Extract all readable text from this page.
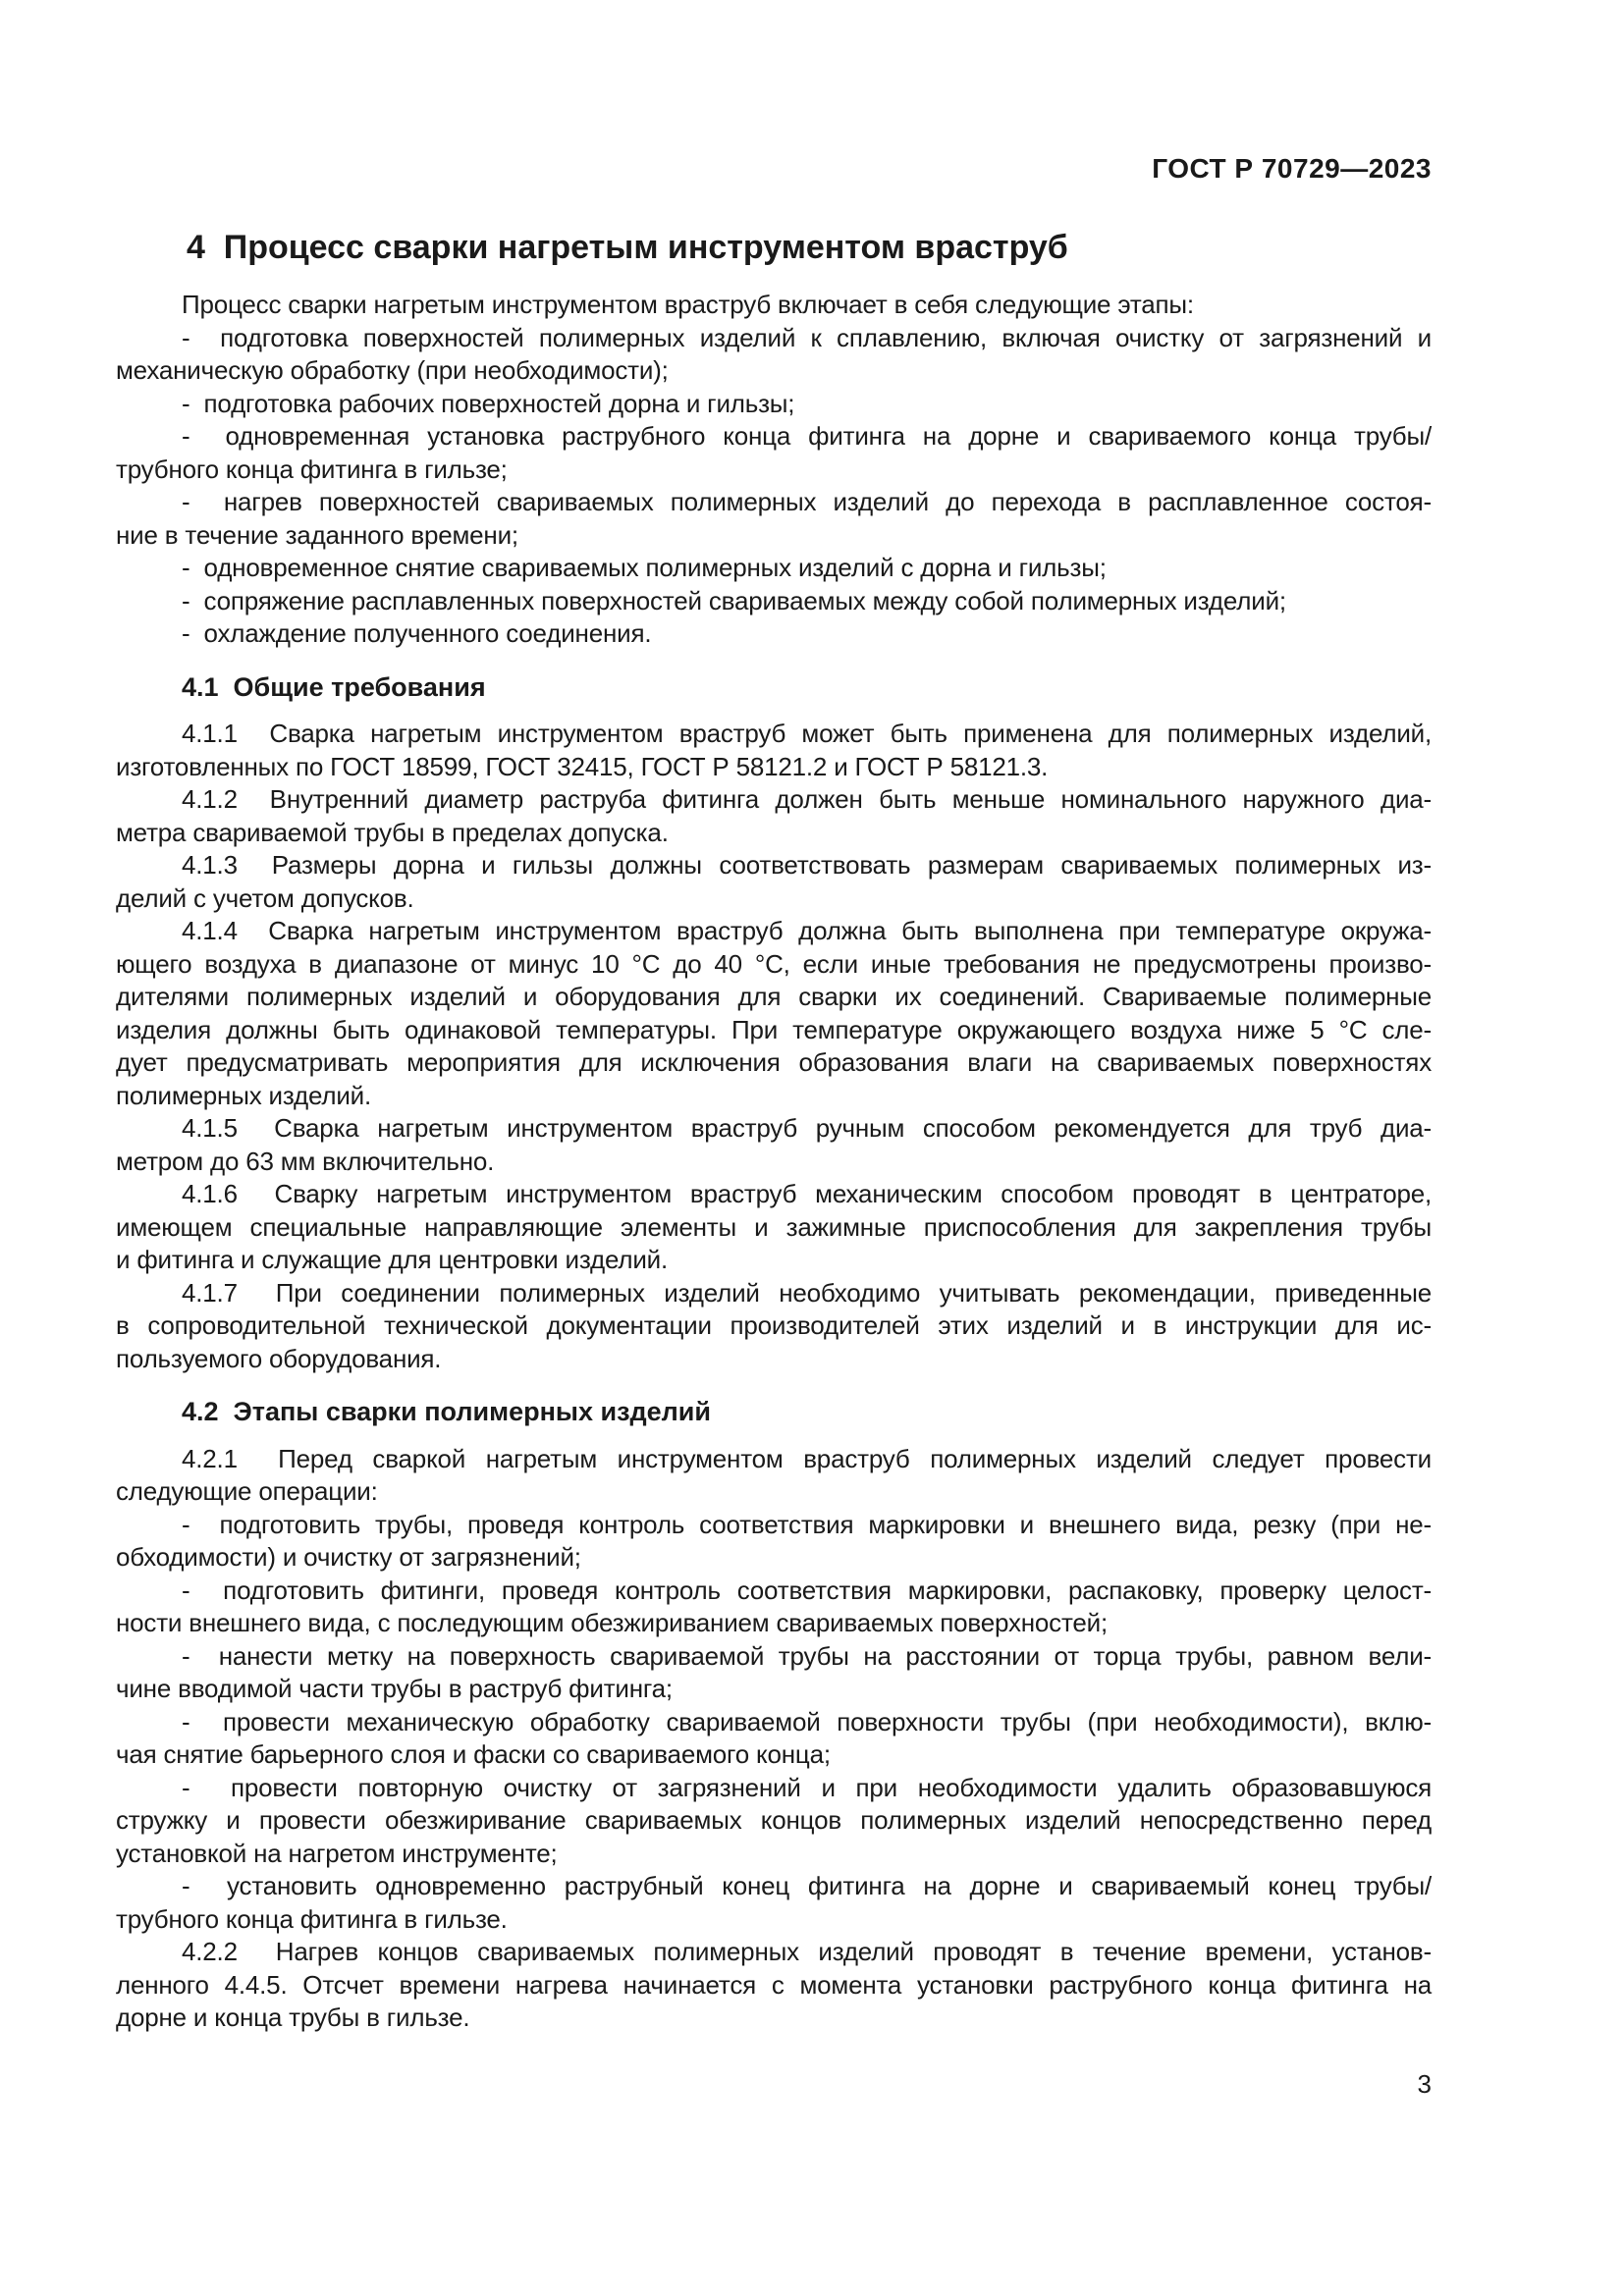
ГОСТ Р 70729—2023
4  Процесс сварки нагретым инструментом враструб
Процесс сварки нагретым инструментом враструб включает в себя следующие этапы:
-  подготовка поверхностей полимерных изделий к сплавлению, включая очистку от загрязнений и
механическую обработку (при необходимости);
-  подготовка рабочих поверхностей дорна и гильзы;
-  одновременная установка раструбного конца фитинга на дорне и свариваемого конца трубы/
трубного конца фитинга в гильзе;
-  нагрев поверхностей свариваемых полимерных изделий до перехода в расплавленное состоя-
ние в течение заданного времени;
-  одновременное снятие свариваемых полимерных изделий с дорна и гильзы;
-  сопряжение расплавленных поверхностей свариваемых между собой полимерных изделий;
-  охлаждение полученного соединения.
4.1  Общие требования
4.1.1  Сварка нагретым инструментом враструб может быть применена для полимерных изделий,
изготовленных по ГОСТ 18599, ГОСТ 32415, ГОСТ Р 58121.2 и ГОСТ Р 58121.3.
4.1.2  Внутренний диаметр раструба фитинга должен быть меньше номинального наружного диа-
метра свариваемой трубы в пределах допуска.
4.1.3  Размеры дорна и гильзы должны соответствовать размерам свариваемых полимерных из-
делий с учетом допусков.
4.1.4  Сварка нагретым инструментом враструб должна быть выполнена при температуре окружа-
ющего воздуха в диапазоне от минус 10 °С до 40 °С, если иные требования не предусмотрены произво-
дителями полимерных изделий и оборудования для сварки их соединений. Свариваемые полимерные
изделия должны быть одинаковой температуры. При температуре окружающего воздуха ниже 5 °С сле-
дует предусматривать мероприятия для исключения образования влаги на свариваемых поверхностях
полимерных изделий.
4.1.5  Сварка нагретым инструментом враструб ручным способом рекомендуется для труб диа-
метром до 63 мм включительно.
4.1.6  Сварку нагретым инструментом враструб механическим способом проводят в центраторе,
имеющем специальные направляющие элементы и зажимные приспособления для закрепления трубы
и фитинга и служащие для центровки изделий.
4.1.7  При соединении полимерных изделий необходимо учитывать рекомендации, приведенные
в сопроводительной технической документации производителей этих изделий и в инструкции для ис-
пользуемого оборудования.
4.2  Этапы сварки полимерных изделий
4.2.1  Перед сваркой нагретым инструментом враструб полимерных изделий следует провести
следующие операции:
-  подготовить трубы, проведя контроль соответствия маркировки и внешнего вида, резку (при не-
обходимости) и очистку от загрязнений;
-  подготовить фитинги, проведя контроль соответствия маркировки, распаковку, проверку целост-
ности внешнего вида, с последующим обезжириванием свариваемых поверхностей;
-  нанести метку на поверхность свариваемой трубы на расстоянии от торца трубы, равном вели-
чине вводимой части трубы в раструб фитинга;
-  провести механическую обработку свариваемой поверхности трубы (при необходимости), вклю-
чая снятие барьерного слоя и фаски со свариваемого конца;
-  провести повторную очистку от загрязнений и при необходимости удалить образовавшуюся
стружку и провести обезжиривание свариваемых концов полимерных изделий непосредственно перед
установкой на нагретом инструменте;
-  установить одновременно раструбный конец фитинга на дорне и свариваемый конец трубы/
трубного конца фитинга в гильзе.
4.2.2  Нагрев концов свариваемых полимерных изделий проводят в течение времени, установ-
ленного 4.4.5. Отсчет времени нагрева начинается с момента установки раструбного конца фитинга на
дорне и конца трубы в гильзе.
3
